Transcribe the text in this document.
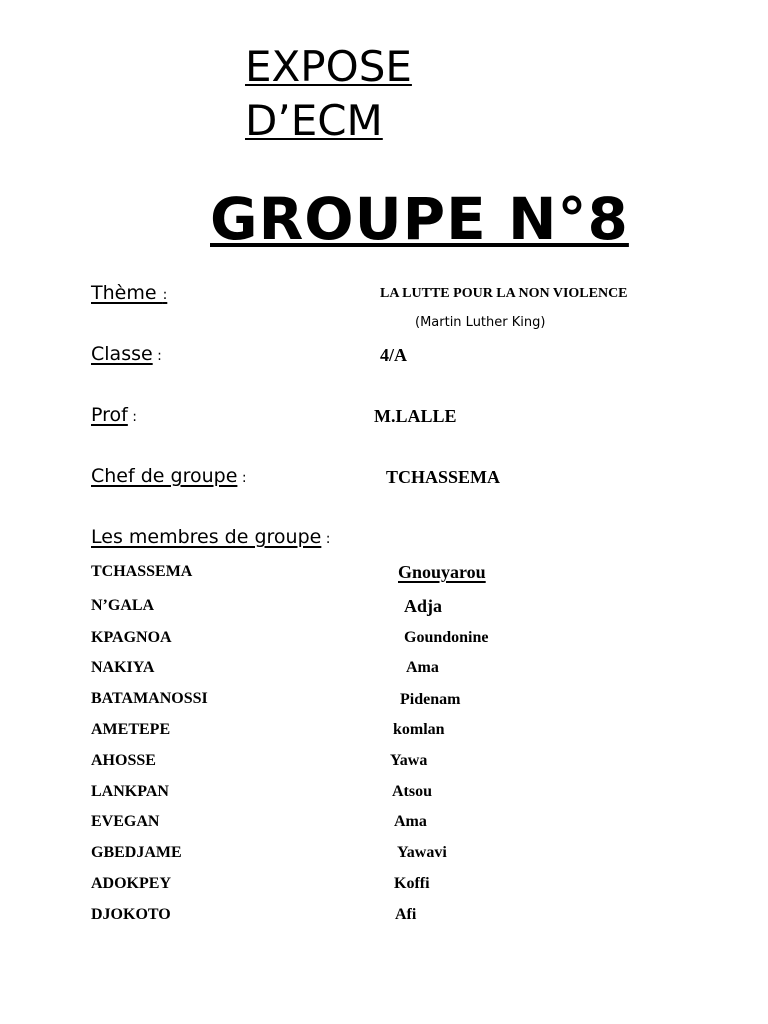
EXPOSE
D’ECM
GROUPE N°8
Thème :	LA LUTTE POUR LA NON VIOLENCE
(Martin Luther King)
Classe :	4/A
Prof :	M.LALLE
Chef de groupe :	TCHASSEMA
Les membres de groupe :
TCHASSEMA	Gnouyarou
N’GALA	Adja
KPAGNOA	Goundonine
NAKIYA	Ama
BATAMANOSSI	Pidenam
AMETEPE	komlan
AHOSSE	Yawa
LANKPAN	Atsou
EVEGAN	Ama
GBEDJAME	Yawavi
ADOKPEY	Koffi
DJOKOTO	Afi
